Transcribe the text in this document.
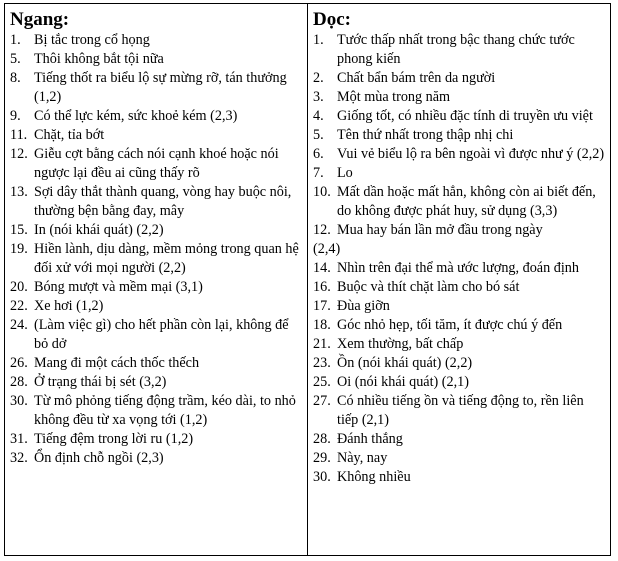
Ngang:
1. Bị tắc trong cổ họng
5. Thôi không bắt tội nữa
8. Tiếng thốt ra biểu lộ sự mừng rỡ, tán thưởng (1,2)
9. Có thể lực kém, sức khoẻ kém (2,3)
11. Chặt, tỉa bớt
12. Giễu cợt bằng cách nói cạnh khoé hoặc nói ngược lại đều ai cũng thấy rõ
13. Sợi dây thắt thành quang, vòng hay buộc nôi, thường bện bằng đay, mây
15. In (nói khái quát) (2,2)
19. Hiền lành, dịu dàng, mềm mỏng trong quan hệ đối xử với mọi người (2,2)
20. Bóng mượt và mềm mại (3,1)
22. Xe hơi (1,2)
24. (Làm việc gì) cho hết phần còn lại, không để bỏ dở
26. Mang đi một cách thốc thếch
28. Ở trạng thái bị sét (3,2)
30. Từ mô phỏng tiếng động trầm, kéo dài, to nhỏ không đều từ xa vọng tới (1,2)
31. Tiếng đệm trong lời ru (1,2)
32. Ổn định chỗ ngồi (2,3)
Dọc:
1. Tước thấp nhất trong bậc thang chức tước phong kiến
2. Chất bẩn bám trên da người
3. Một mùa trong năm
4. Giống tốt, có nhiều đặc tính di truyền ưu việt
5. Tên thứ nhất trong thập nhị chi
6. Vui vẻ biểu lộ ra bên ngoài vì được như ý (2,2)
7. Lo
10. Mất dần hoặc mất hẳn, không còn ai biết đến, do không được phát huy, sử dụng (3,3)
12. Mua hay bán lần mở đầu trong ngày
(2,4)
14. Nhìn trên đại thể mà ước lượng, đoán định
16. Buộc và thít chặt làm cho bó sát
17. Đùa giỡn
18. Góc nhỏ hẹp, tối tăm, ít được chú ý đến
21. Xem thường, bất chấp
23. Ồn (nói khái quát) (2,2)
25. Oi (nói khái quát) (2,1)
27. Có nhiều tiếng ồn và tiếng động to, rền liên tiếp (2,1)
28. Đánh thắng
29. Này, nay
30. Không nhiều
